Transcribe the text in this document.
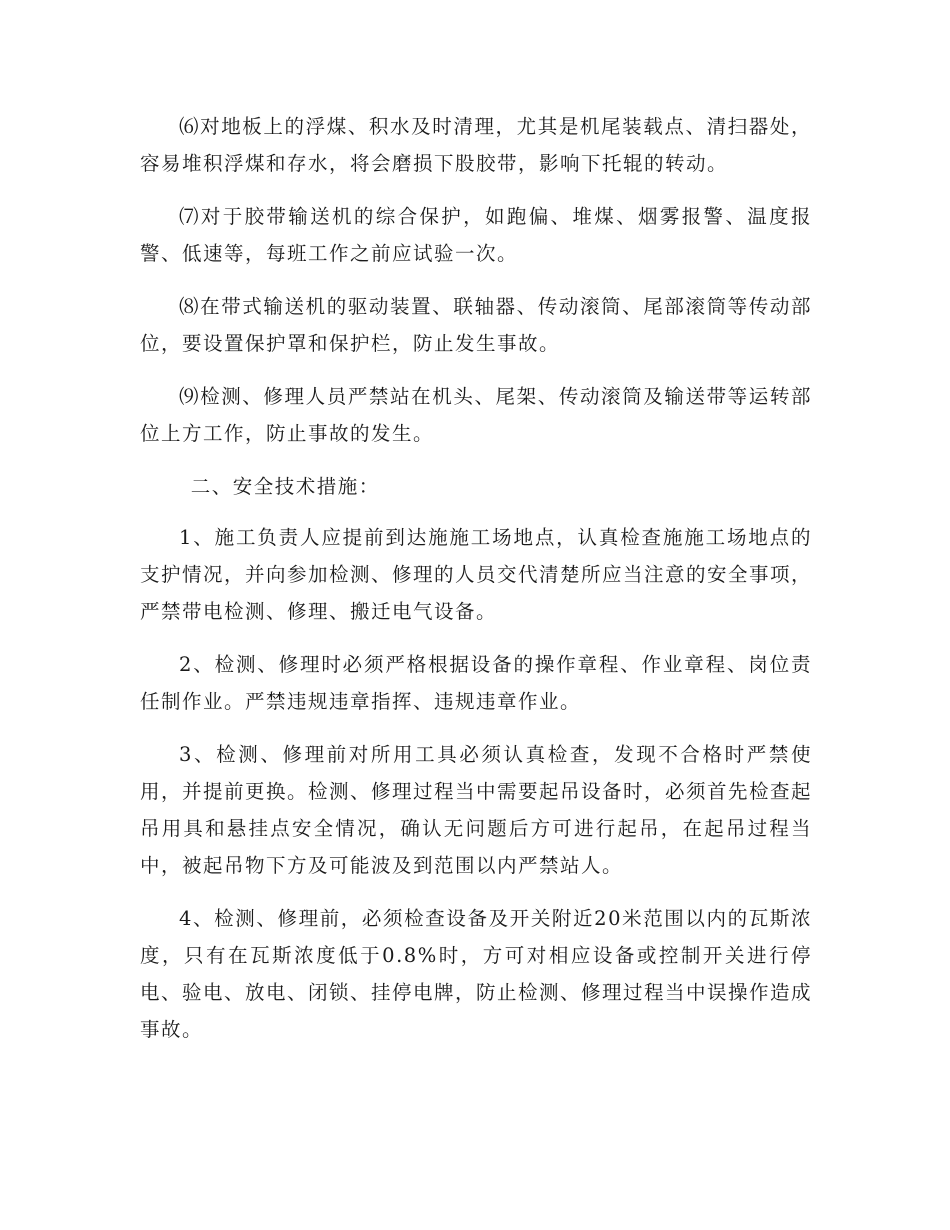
⑹对地板上的浮煤、积水及时清理，尤其是机尾装载点、清扫器处，容易堆积浮煤和存水，将会磨损下股胶带，影响下托辊的转动。

⑺对于胶带输送机的综合保护，如跑偏、堆煤、烟雾报警、温度报警、低速等，每班工作之前应试验一次。

⑻在带式输送机的驱动装置、联轴器、传动滚筒、尾部滚筒等传动部位，要设置保护罩和保护栏，防止发生事故。

⑼检测、修理人员严禁站在机头、尾架、传动滚筒及输送带等运转部位上方工作，防止事故的发生。

二、安全技术措施：

1、施工负责人应提前到达施施工场地点，认真检查施施工场地点的支护情况，并向参加检测、修理的人员交代清楚所应当注意的安全事项，严禁带电检测、修理、搬迁电气设备。

2、检测、修理时必须严格根据设备的操作章程、作业章程、岗位责任制作业。严禁违规违章指挥、违规违章作业。

3、检测、修理前对所用工具必须认真检查，发现不合格时严禁使用，并提前更换。检测、修理过程当中需要起吊设备时，必须首先检查起吊用具和悬挂点安全情况，确认无问题后方可进行起吊，在起吊过程当中，被起吊物下方及可能波及到范围以内严禁站人。

4、检测、修理前，必须检查设备及开关附近20米范围以内的瓦斯浓度，只有在瓦斯浓度低于0.8%时，方可对相应设备或控制开关进行停电、验电、放电、闭锁、挂停电牌，防止检测、修理过程当中误操作造成事故。
